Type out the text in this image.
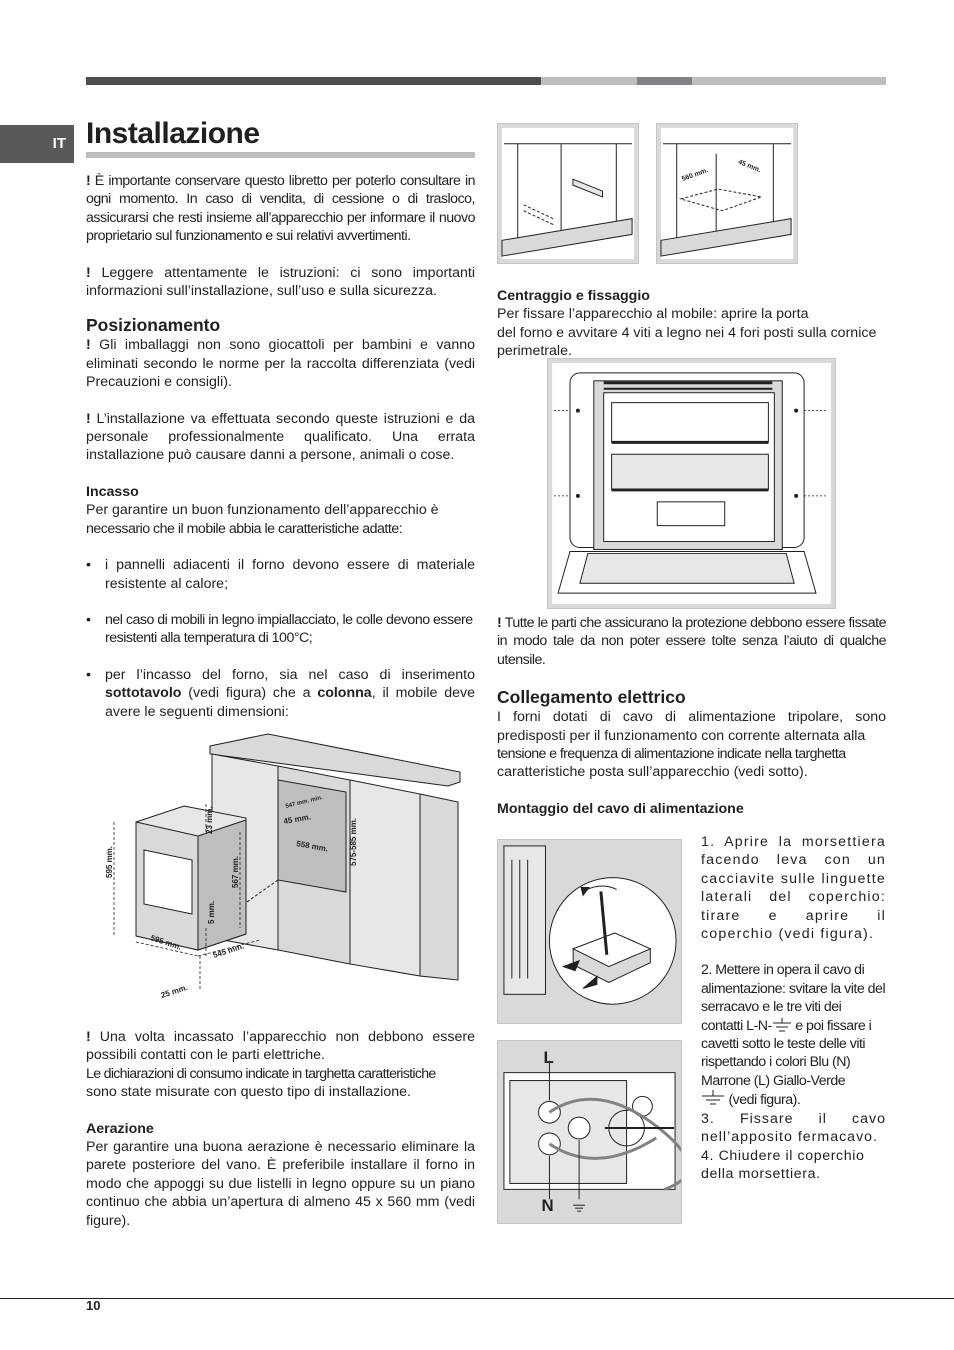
IT Installazione

! È importante conservare questo libretto per poterlo consultare in ogni momento. In caso di vendita, di cessione o di trasloco, assicurarsi che resti insieme all’apparecchio per informare il nuovo proprietario sul funzionamento e sui relativi avvertimenti.

! Leggere attentamente le istruzioni: ci sono importanti informazioni sull’installazione, sull’uso e sulla sicurezza.

Posizionamento

! Gli imballaggi non sono giocattoli per bambini e vanno eliminati secondo le norme per la raccolta differenziata (vedi Precauzioni e consigli).

! L’installazione va effettuata secondo queste istruzioni e da personale professionalmente qualificato. Una errata installazione può causare danni a persone, animali o cose.

Incasso

Per garantire un buon funzionamento dell’apparecchio è

necessario che il mobile abbia le caratteristiche adatte:

• i pannelli adiacenti il forno devono essere di materiale resistente al calore;

• nel caso di mobili in legno impiallacciato, le colle devono essere resistenti alla temperatura di 100°C;

• per l’incasso del forno, sia nel caso di inserimento sottotavolo (vedi figura) che a colonna, il mobile deve avere le seguenti dimensioni:

595 mm.
23 mm.
567 mm.
5 mm.
595 mm.	545 mm.
25 mm.
547 mm. min.
45 mm.
558 mm.	575-585 mm.

! Una volta incassato l’apparecchio non debbono essere possibili contatti con le parti elettriche.

Le dichiarazioni di consumo indicate in targhetta caratteristiche

sono state misurate con questo tipo di installazione.

Aerazione

Per garantire una buona aerazione è necessario eliminare la parete posteriore del vano. È preferibile installare il forno in modo che appoggi su due listelli in legno oppure su un piano continuo che abbia un’apertura di almeno 45 x 560 mm (vedi figure).

560 mm.
45 mm.
Centraggio e fissaggio

Per fissare l’apparecchio al mobile: aprire la porta

del forno e avvitare 4 viti a legno nei 4 fori posti sulla cornice perimetrale.

! Tutte le parti che assicurano la protezione debbono essere fissate in modo tale da non poter essere tolte senza l’aiuto di qualche utensile.

Collegamento elettrico

I forni dotati di cavo di alimentazione tripolare, sono predisposti per il funzionamento con corrente alternata alla

tensione e frequenza di alimentazione indicate nella targhetta

caratteristiche posta sull’apparecchio (vedi sotto).

Montaggio del cavo di alimentazione
L
N

1. Aprire la morsettiera facendo leva con un cacciavite sulle linguette laterali del coperchio: tirare e aprire il coperchio (vedi figura).

2. Mettere in opera il cavo di alimentazione: svitare la vite del serracavo e le tre viti dei contatti L-N- e poi fissare i cavetti sotto le teste delle viti rispettando i colori Blu (N) Marrone (L) Giallo-Verde
(vedi figura).

3. Fissare il cavo nell’apposito fermacavo.

4. Chiudere il coperchio della morsettiera.

10
